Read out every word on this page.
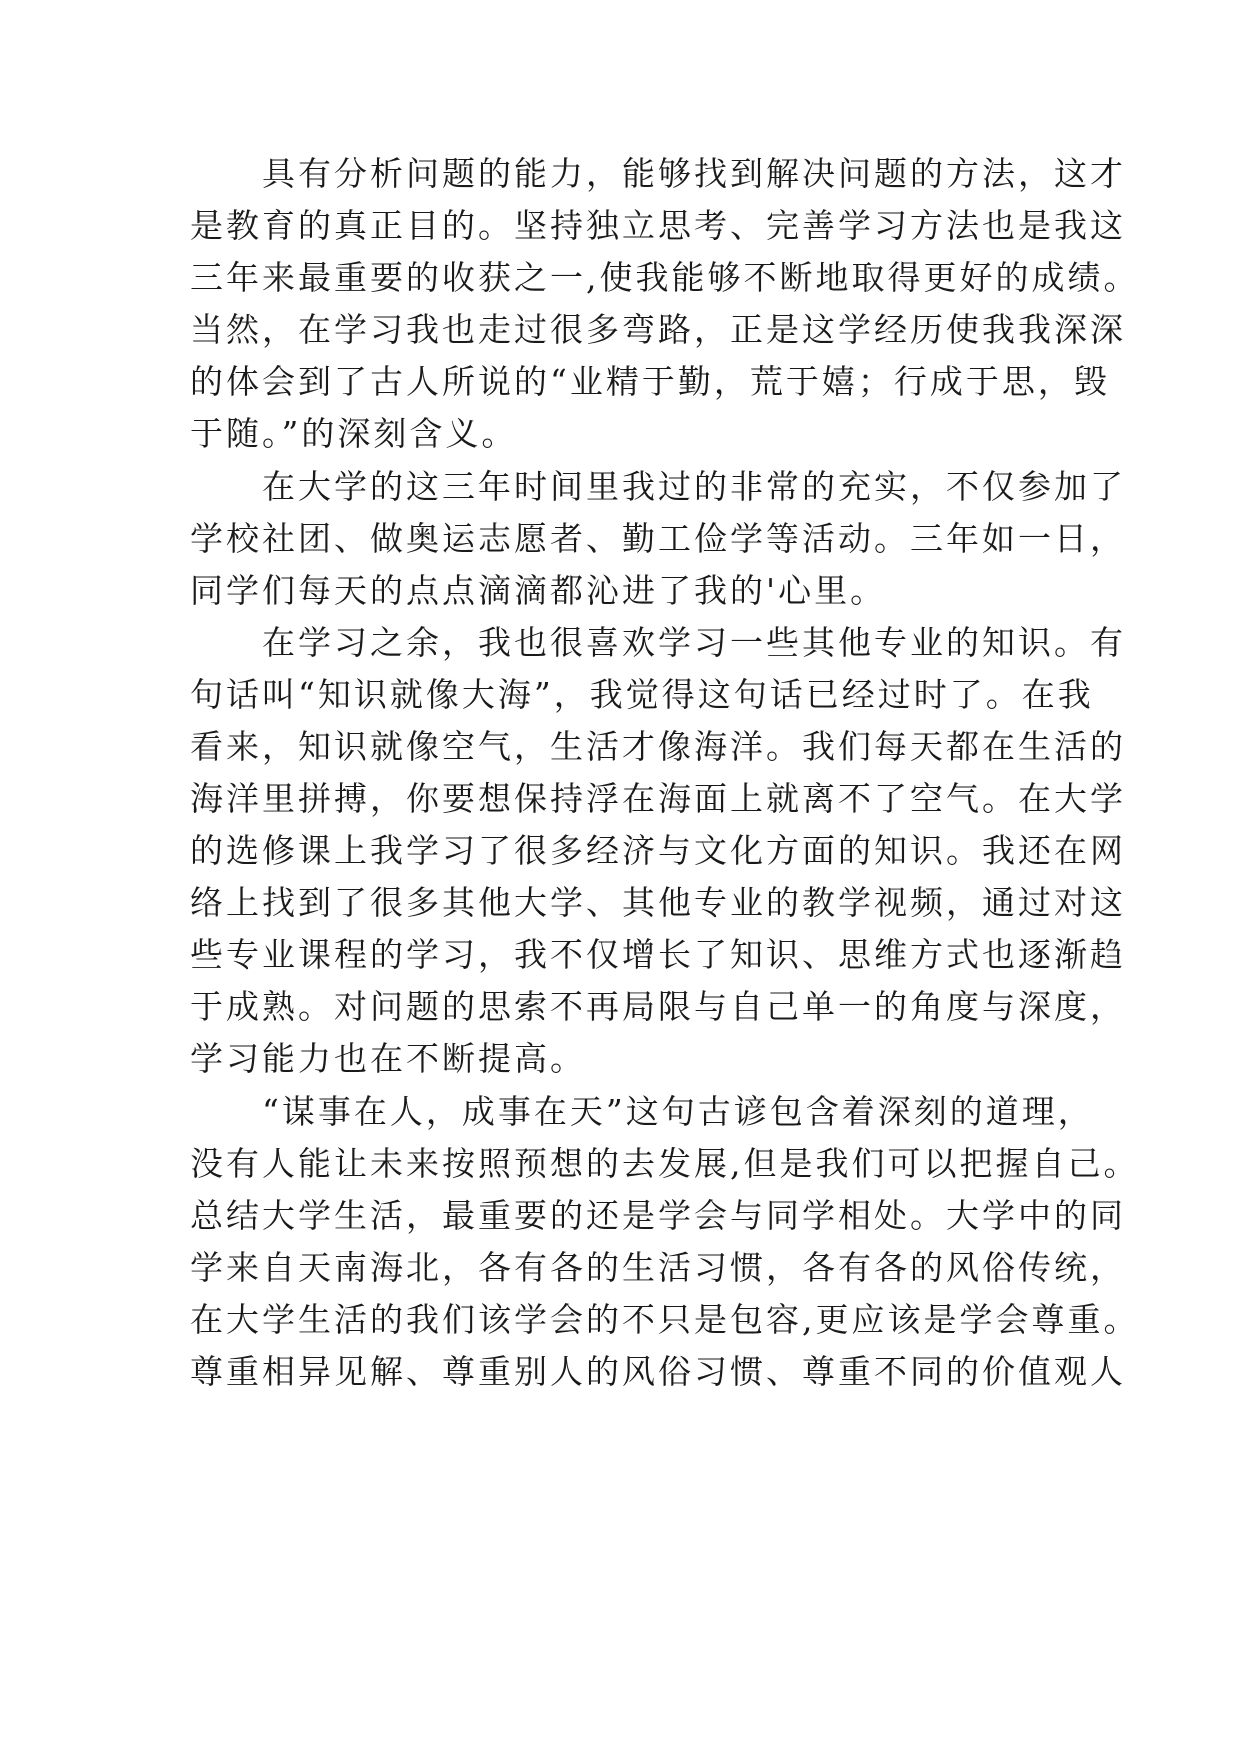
　　具有分析问题的能力，能够找到解决问题的方法，这才
是教育的真正目的。坚持独立思考、完善学习方法也是我这
三年来最重要的收获之一,使我能够不断地取得更好的成绩。
当然，在学习我也走过很多弯路，正是这学经历使我我深深
的体会到了古人所说的“业精于勤，荒于嬉；行成于思，毁
于随。”的深刻含义。
　　在大学的这三年时间里我过的非常的充实，不仅参加了
学校社团、做奥运志愿者、勤工俭学等活动。三年如一日，
同学们每天的点点滴滴都沁进了我的'心里。
　　在学习之余，我也很喜欢学习一些其他专业的知识。有
句话叫“知识就像大海”，我觉得这句话已经过时了。在我
看来，知识就像空气，生活才像海洋。我们每天都在生活的
海洋里拼搏，你要想保持浮在海面上就离不了空气。在大学
的选修课上我学习了很多经济与文化方面的知识。我还在网
络上找到了很多其他大学、其他专业的教学视频，通过对这
些专业课程的学习，我不仅增长了知识、思维方式也逐渐趋
于成熟。对问题的思索不再局限与自己单一的角度与深度，
学习能力也在不断提高。
　　“谋事在人，成事在天”这句古谚包含着深刻的道理，
没有人能让未来按照预想的去发展,但是我们可以把握自己。
总结大学生活，最重要的还是学会与同学相处。大学中的同
学来自天南海北，各有各的生活习惯，各有各的风俗传统，
在大学生活的我们该学会的不只是包容,更应该是学会尊重。
尊重相异见解、尊重别人的风俗习惯、尊重不同的价值观人
